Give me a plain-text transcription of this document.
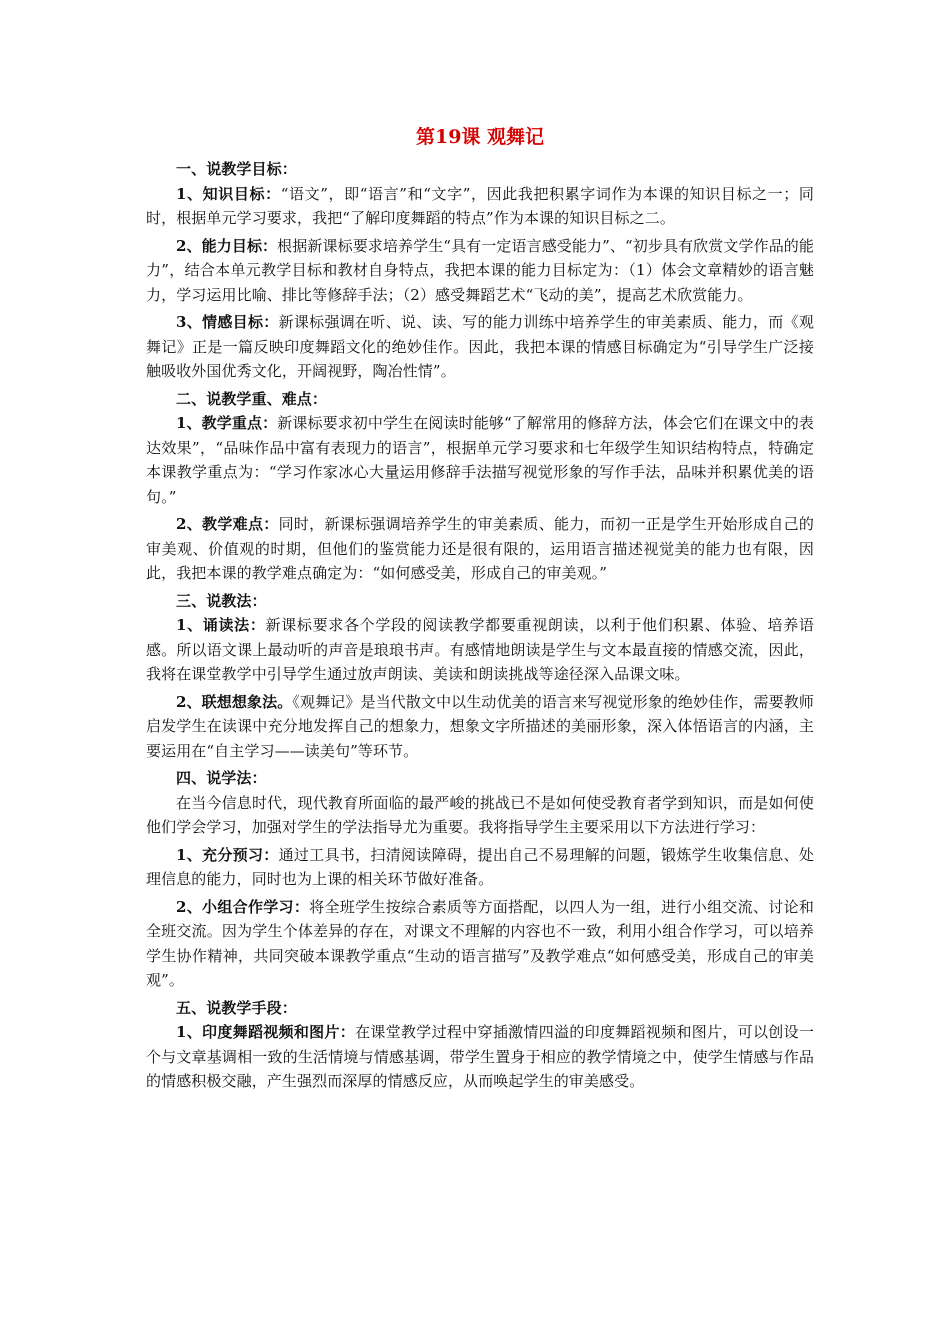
第19课 观舞记

一、说教学目标：

1、知识目标：“语文”，即“语言”和“文字”，因此我把积累字词作为本课的知识目标之一；同时，根据单元学习要求，我把“了解印度舞蹈的特点”作为本课的知识目标之二。

2、能力目标：根据新课标要求培养学生“具有一定语言感受能力”、“初步具有欣赏文学作品的能力”，结合本单元教学目标和教材自身特点，我把本课的能力目标定为：（1）体会文章精妙的语言魅力，学习运用比喻、排比等修辞手法；（2）感受舞蹈艺术“飞动的美”，提高艺术欣赏能力。

3、情感目标：新课标强调在听、说、读、写的能力训练中培养学生的审美素质、能力，而《观舞记》正是一篇反映印度舞蹈文化的绝妙佳作。因此，我把本课的情感目标确定为“引导学生广泛接触吸收外国优秀文化，开阔视野，陶冶性情”。

二、说教学重、难点：

1、教学重点：新课标要求初中学生在阅读时能够“了解常用的修辞方法，体会它们在课文中的表达效果”，“品味作品中富有表现力的语言”，根据单元学习要求和七年级学生知识结构特点，特确定本课教学重点为：“学习作家冰心大量运用修辞手法描写视觉形象的写作手法，品味并积累优美的语句。”

2、教学难点：同时，新课标强调培养学生的审美素质、能力，而初一正是学生开始形成自己的审美观、价值观的时期，但他们的鉴赏能力还是很有限的，运用语言描述视觉美的能力也有限，因此，我把本课的教学难点确定为：“如何感受美，形成自己的审美观。”

三、说教法：

1、诵读法：新课标要求各个学段的阅读教学都要重视朗读，以利于他们积累、体验、培养语感。所以语文课上最动听的声音是琅琅书声。有感情地朗读是学生与文本最直接的情感交流，因此，我将在课堂教学中引导学生通过放声朗读、美读和朗读挑战等途径深入品课文味。

2、联想想象法。《观舞记》是当代散文中以生动优美的语言来写视觉形象的绝妙佳作，需要教师启发学生在读课中充分地发挥自己的想象力，想象文字所描述的美丽形象，深入体悟语言的内涵，主要运用在“自主学习——读美句”等环节。

四、说学法：

在当今信息时代，现代教育所面临的最严峻的挑战已不是如何使受教育者学到知识，而是如何使他们学会学习，加强对学生的学法指导尤为重要。我将指导学生主要采用以下方法进行学习：

1、充分预习：通过工具书，扫清阅读障碍，提出自己不易理解的问题，锻炼学生收集信息、处理信息的能力，同时也为上课的相关环节做好准备。

2、小组合作学习：将全班学生按综合素质等方面搭配，以四人为一组，进行小组交流、讨论和全班交流。因为学生个体差异的存在，对课文不理解的内容也不一致，利用小组合作学习，可以培养学生协作精神，共同突破本课教学重点“生动的语言描写”及教学难点“如何感受美，形成自己的审美观”。

五、说教学手段：

1、印度舞蹈视频和图片：在课堂教学过程中穿插激情四溢的印度舞蹈视频和图片，可以创设一个与文章基调相一致的生活情境与情感基调，带学生置身于相应的教学情境之中，使学生情感与作品的情感积极交融，产生强烈而深厚的情感反应，从而唤起学生的审美感受。
